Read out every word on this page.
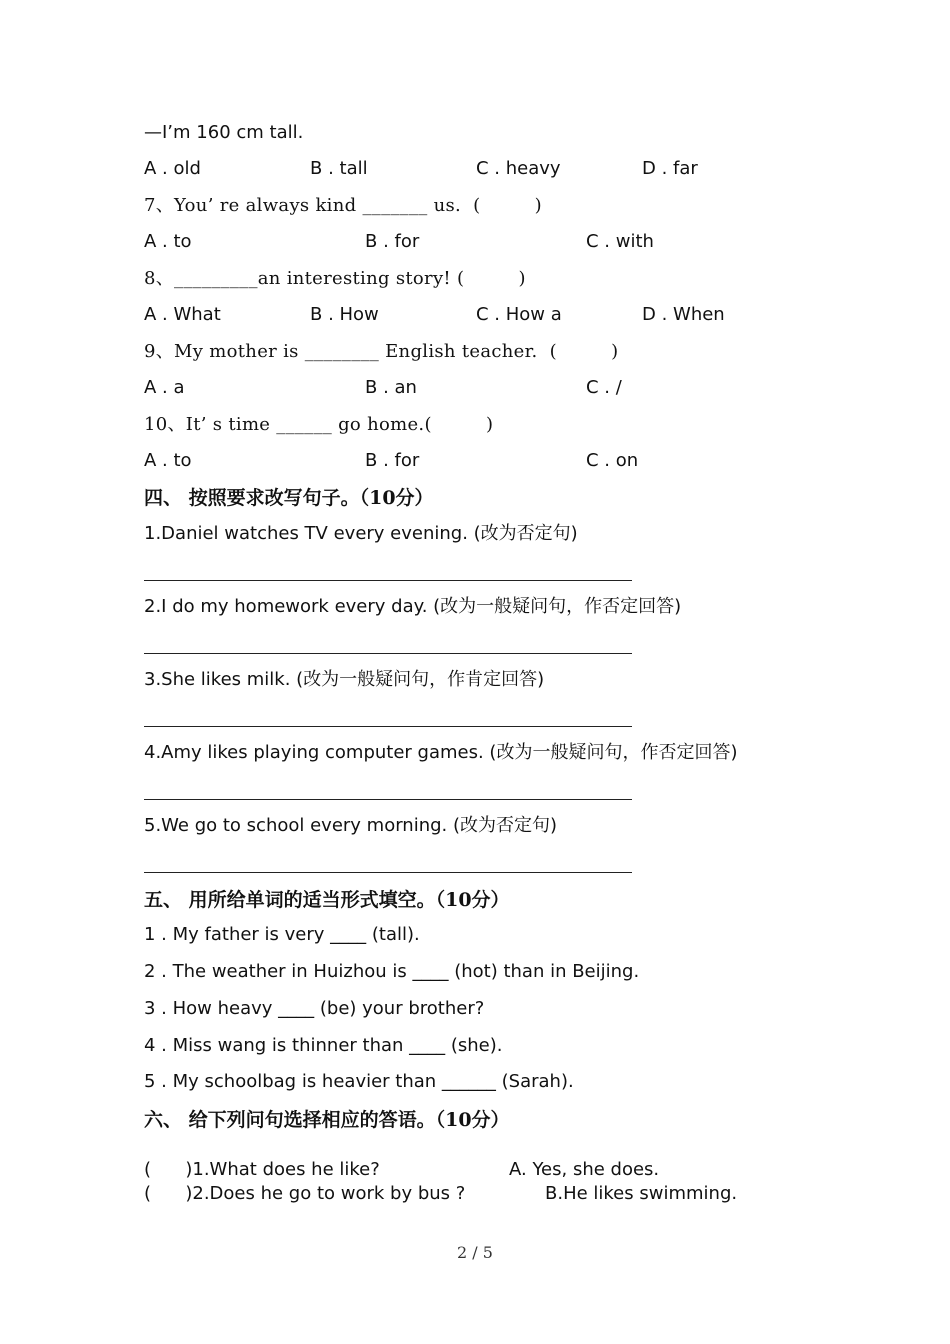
—I’m 160 cm tall.
A . old	B . tall	C . heavy	D . far
7、You’ re always kind _______ us.  (         )
A . to	B . for	C . with
8、_________an interesting story! (         )
A . What	B . How	C . How a	D . When
9、My mother is ________ English teacher.  (         )
A . a	B . an	C . /
10、It’ s time ______ go home.(         )
A . to	B . for	C . on
四、 按照要求改写句子。（10分）
1.Daniel watches TV every evening. (改为否定句)
2.I do my homework every day. (改为一般疑问句，作否定回答)
3.She likes milk. (改为一般疑问句，作肯定回答)
4.Amy likes playing computer games. (改为一般疑问句，作否定回答)
5.We go to school every morning. (改为否定句)
五、 用所给单词的适当形式填空。（10分）
1 . My father is very ____ (tall).
2 . The weather in Huizhou is ____ (hot) than in Beijing.
3 . How heavy ____ (be) your brother?
4 . Miss wang is thinner than ____ (she).
5 . My schoolbag is heavier than ______ (Sarah).
六、 给下列问句选择相应的答语。（10分）
(      )1.What does he like?	A. Yes, she does.
(      )2.Does he go to work by bus ?	B.He likes swimming.
2 / 5
